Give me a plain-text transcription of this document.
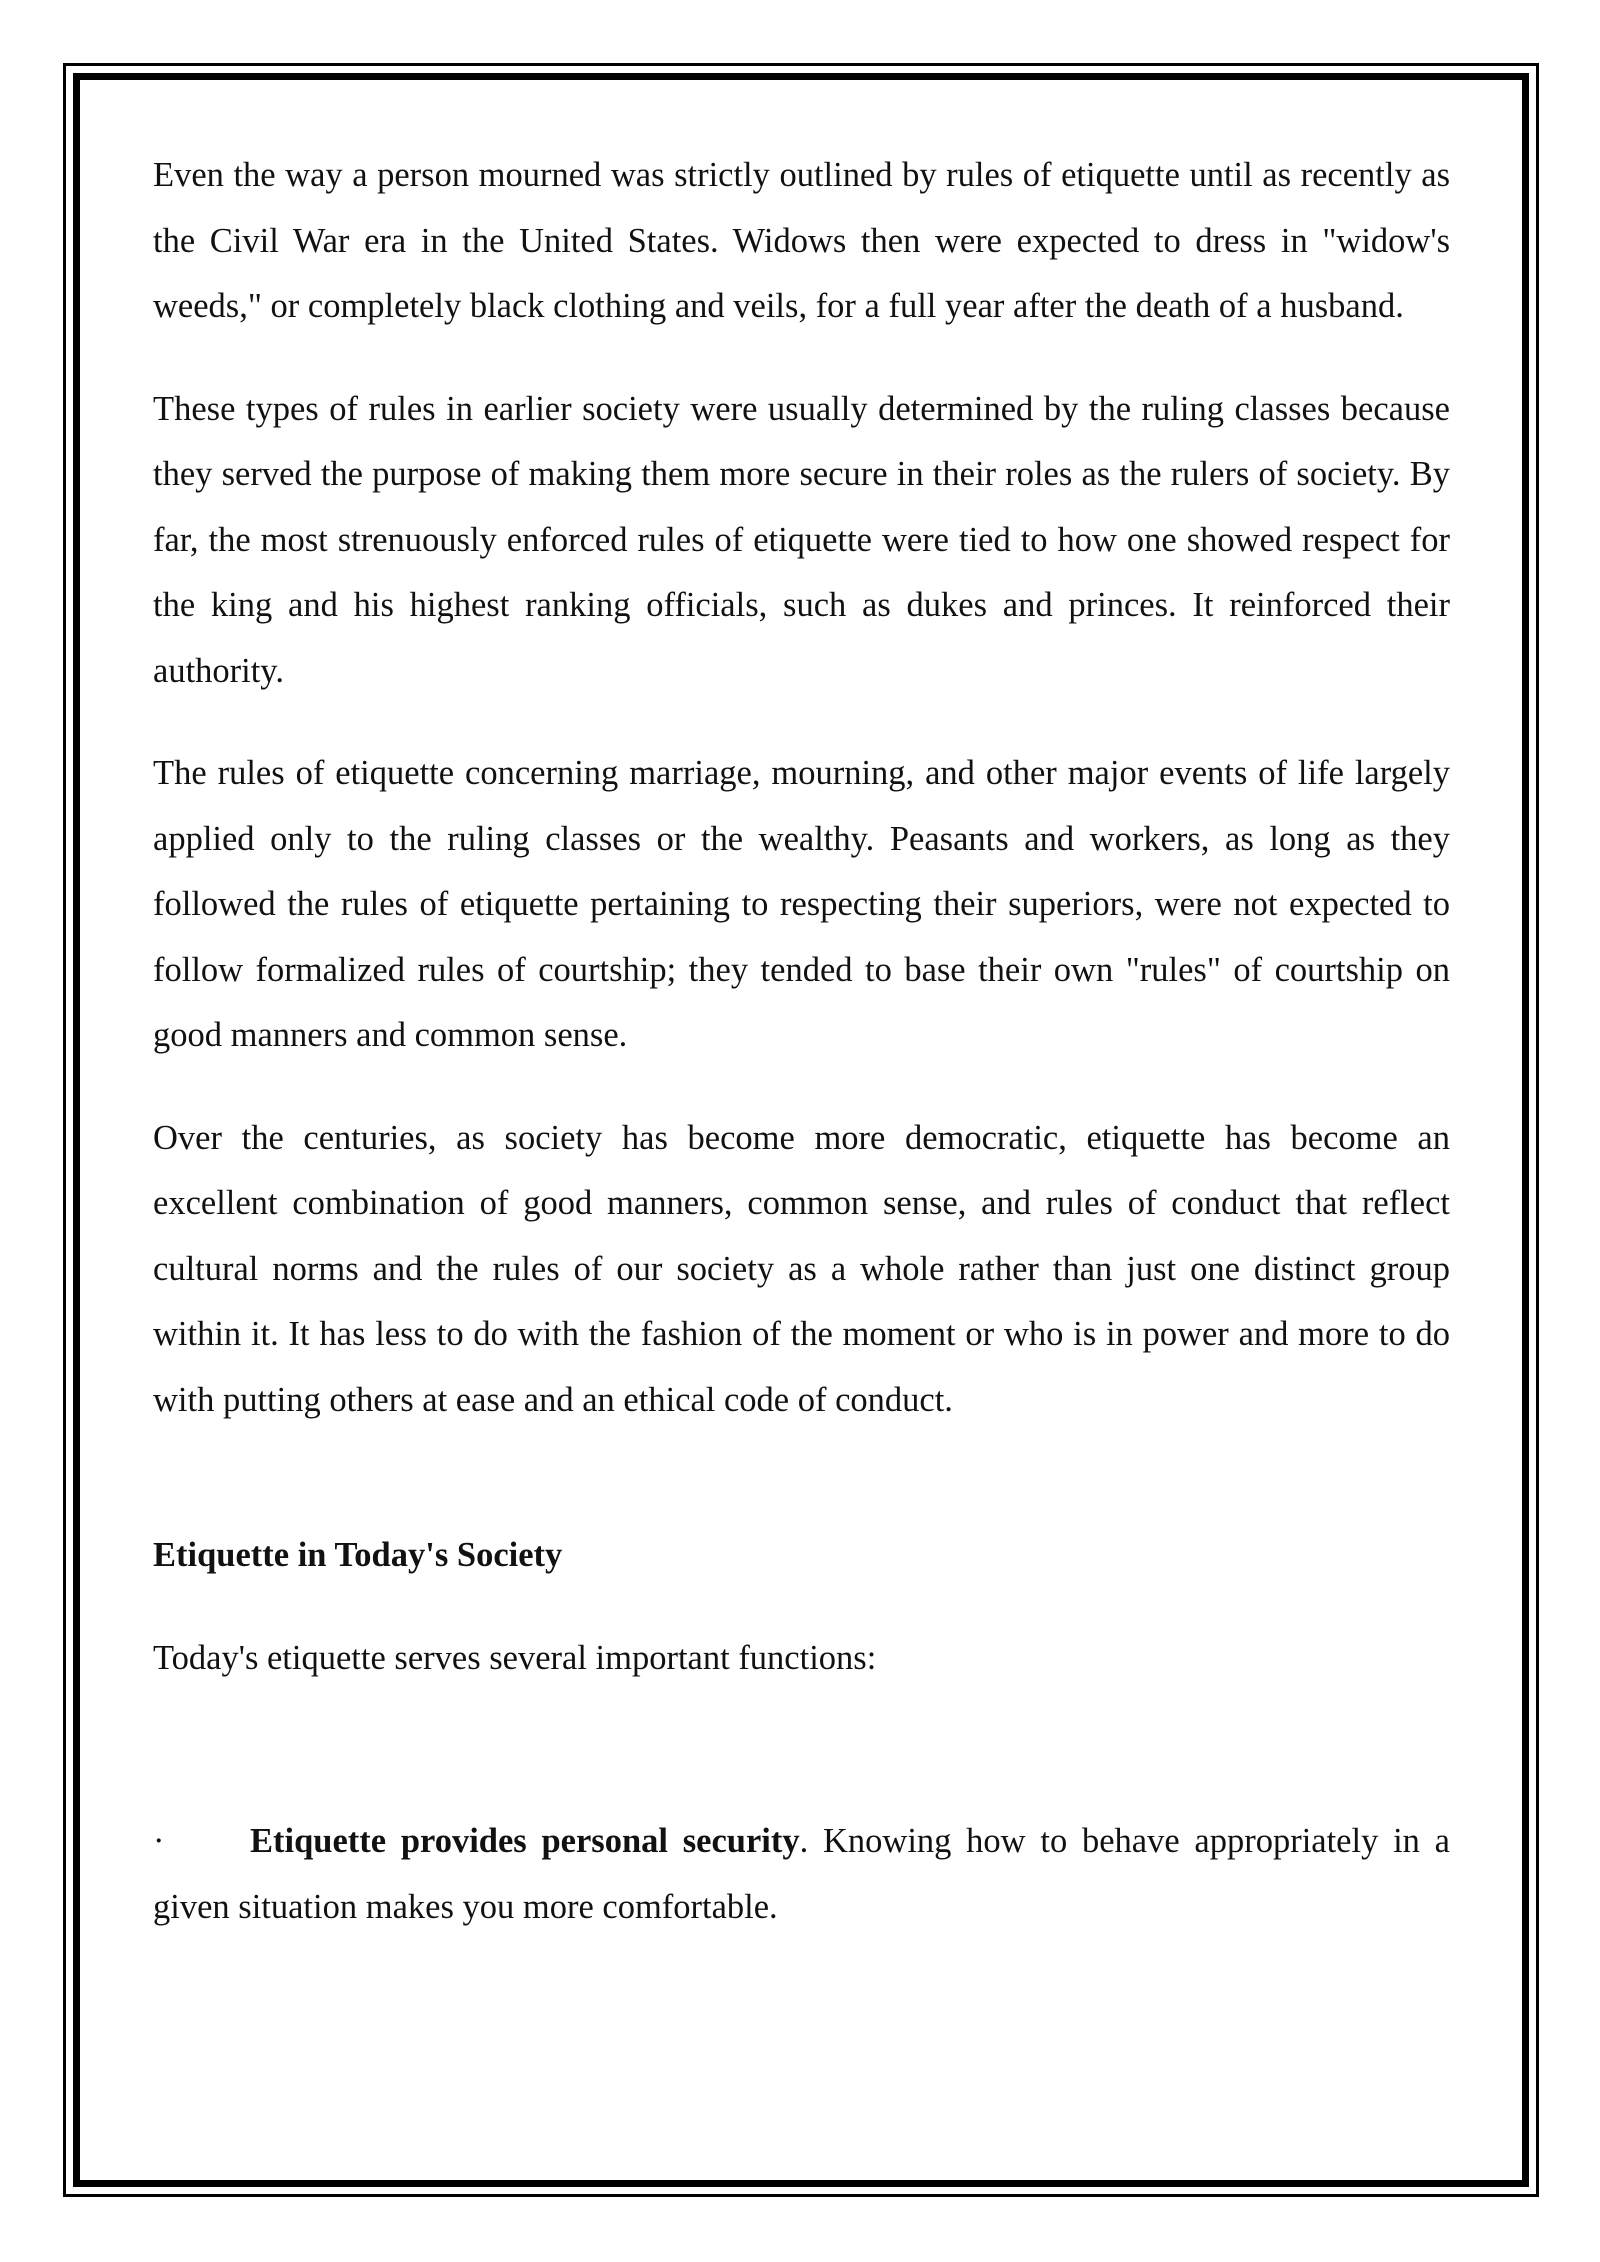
Even the way a person mourned was strictly outlined by rules of etiquette until as recently as the Civil War era in the United States. Widows then were expected to dress in "widow's weeds," or completely black clothing and veils, for a full year after the death of a husband.

These types of rules in earlier society were usually determined by the ruling classes because they served the purpose of making them more secure in their roles as the rulers of society. By far, the most strenuously enforced rules of etiquette were tied to how one showed respect for the king and his highest ranking officials, such as dukes and princes. It reinforced their authority.

The rules of etiquette concerning marriage, mourning, and other major events of life largely applied only to the ruling classes or the wealthy. Peasants and workers, as long as they followed the rules of etiquette pertaining to respecting their superiors, were not expected to follow formalized rules of courtship; they tended to base their own "rules" of courtship on good manners and common sense.

Over the centuries, as society has become more democratic, etiquette has become an excellent combination of good manners, common sense, and rules of conduct that reflect cultural norms and the rules of our society as a whole rather than just one distinct group within it. It has less to do with the fashion of the moment or who is in power and more to do with putting others at ease and an ethical code of conduct.

Etiquette in Today's Society

Today's etiquette serves several important functions:

· Etiquette provides personal security. Knowing how to behave appropriately in a given situation makes you more comfortable.
